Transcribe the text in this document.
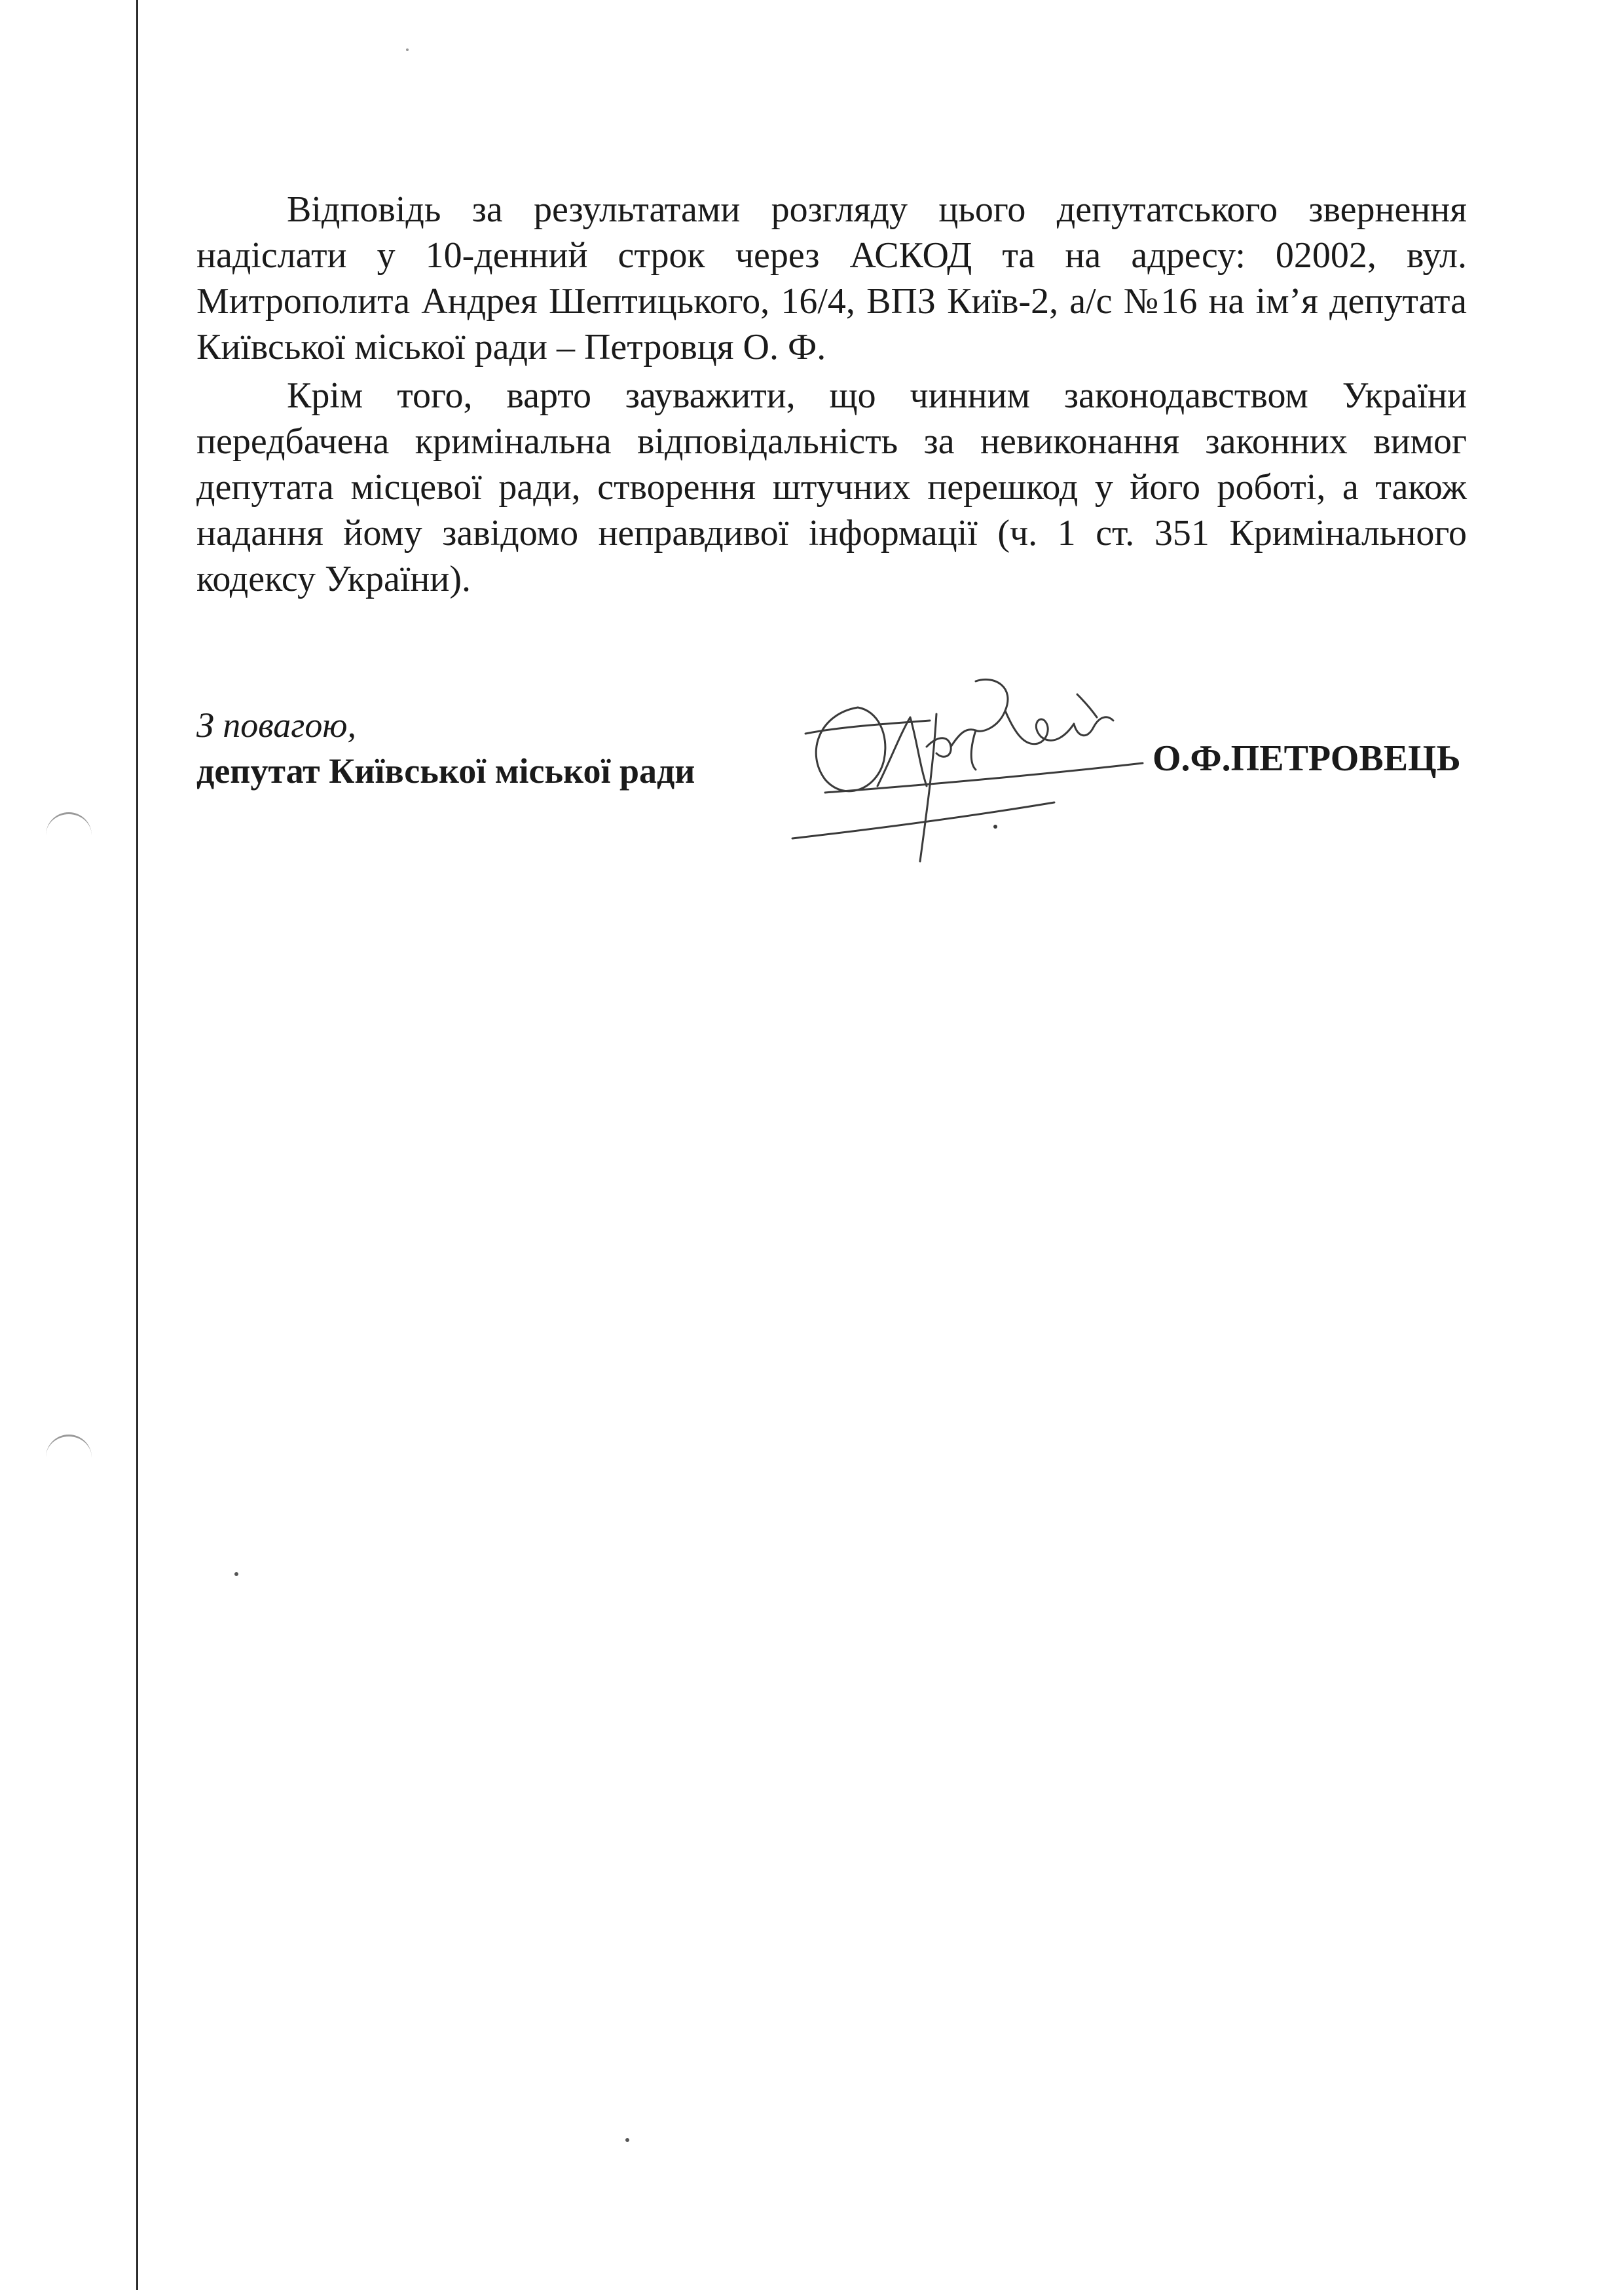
Відповідь за результатами розгляду цього депутатського звернення надіслати у 10-денний строк через АСКОД та на адресу: 02002, вул. Митрополита Андрея Шептицького, 16/4, ВПЗ Київ-2, а/с №16 на ім’я депутата Київської міської ради – Петровця О. Ф.

Крім того, варто зауважити, що чинним законодавством України передбачена кримінальна відповідальність за невиконання законних вимог депутата місцевої ради, створення штучних перешкод у його роботі, а також надання йому завідомо неправдивої інформації (ч. 1 ст. 351 Кримінального кодексу України).

З повагою,
депутат Київської міської ради	О.Ф.ПЕТРОВЕЦЬ
